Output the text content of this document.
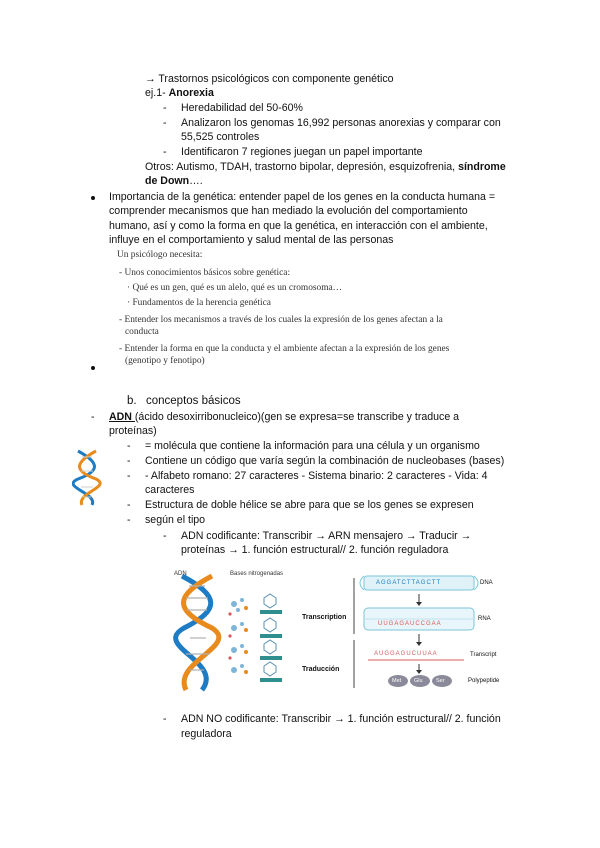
→ Trastornos psicológicos con componente genético
ej.1- Anorexia
- Heredabilidad del 50-60%
- Analizaron los genomas 16,992 personas anorexias y comparar con
55,525 controles
- Identificaron 7 regiones juegan un papel importante
Otros: Autismo, TDAH, trastorno bipolar, depresión, esquizofrenia, síndrome
de Down….
Importancia de la genética: entender papel de los genes en la conducta humana =
comprender mecanismos que han mediado la evolución del comportamiento
humano, así y como la forma en que la genética, en interacción con el ambiente,
influye en el comportamiento y salud mental de las personas
Un psicólogo necesita:
- Unos conocimientos básicos sobre genética:
· Qué es un gen, qué es un alelo, qué es un cromosoma…
· Fundamentos de la herencia genética
- Entender los mecanismos a través de los cuales la expresión de los genes afectan a la
conducta
- Entender la forma en que la conducta y el ambiente afectan a la expresión de los genes
(genotipo y fenotipo)
b. conceptos básicos
- ADN (ácido desoxirribonucleico)(gen se expresa=se transcribe y traduce a
proteínas)
- = molécula que contiene la información para una célula y un organismo
- Contiene un código que varía según la combinación de nucleobases (bases)
- - Alfabeto romano: 27 caracteres - Sistema binario: 2 caracteres - Vida: 4
caracteres
- Estructura de doble hélice se abre para que se los genes se expresen
- según el tipo
- ADN codificante: Transcribir → ARN mensajero → Traducir →
proteínas → 1. función estructural// 2. función reguladora
ADN	Bases nitrogenadas
Transcription
Traducción
DNA
RNA
Transcript
Polypeptide
AGGATCTTAGCTT
UUGAGAUCCGAA
AUGGAGUCUUAA
Met Glu Ser
- ADN NO codificante: Transcribir → 1. función estructural// 2. función
reguladora
